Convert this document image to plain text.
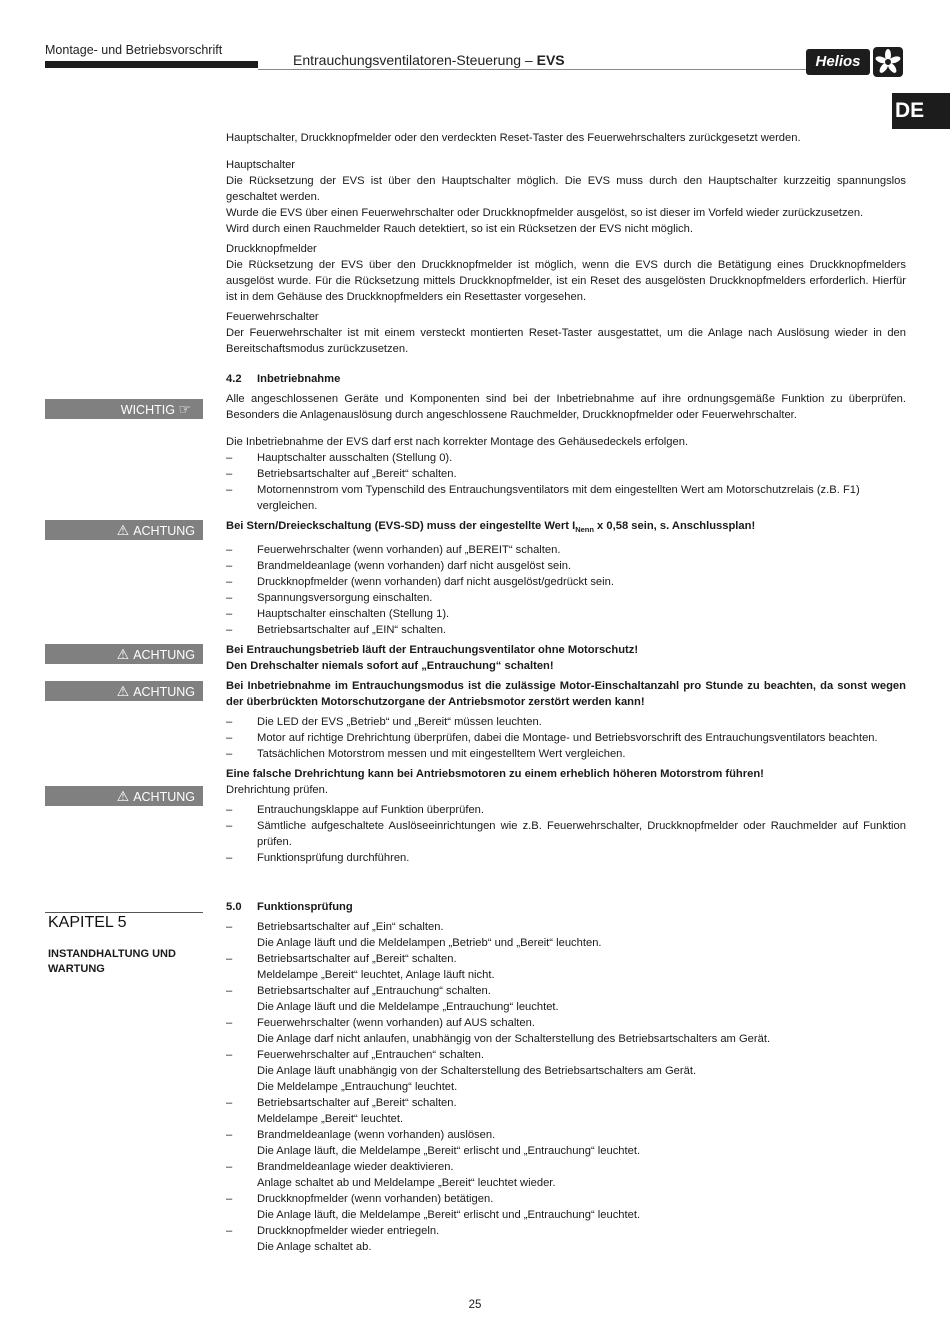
Montage- und Betriebsvorschrift
Entrauchungsventilatoren-Steuerung – EVS	Helios
DE
WICHTIG ☞
⚠ ACHTUNG
⚠ ACHTUNG
⚠ ACHTUNG
⚠ ACHTUNG
KAPITEL 5
INSTANDHALTUNG UND WARTUNG

Hauptschalter, Druckknopfmelder oder den verdeckten Reset-Taster des Feuerwehrschalters zurückgesetzt werden.

Hauptschalter

Die Rücksetzung der EVS ist über den Hauptschalter möglich. Die EVS muss durch den Hauptschalter kurzzeitig spannungslos geschaltet werden.

Wurde die EVS über einen Feuerwehrschalter oder Druckknopfmelder ausgelöst, so ist dieser im Vorfeld wieder zurückzusetzen.

Wird durch einen Rauchmelder Rauch detektiert, so ist ein Rücksetzen der EVS nicht möglich.

Druckknopfmelder

Die Rücksetzung der EVS über den Druckknopfmelder ist möglich, wenn die EVS durch die Betätigung eines Druckknopfmelders ausgelöst wurde. Für die Rücksetzung mittels Druckknopfmelder, ist ein Reset des ausgelösten Druckknopfmelders erforderlich. Hierfür ist in dem Gehäuse des Druckknopfmelders ein Resettaster vorgesehen.

Feuerwehrschalter

Der Feuerwehrschalter ist mit einem versteckt montierten Reset-Taster ausgestattet, um die Anlage nach Auslösung wieder in den Bereitschaftsmodus zurückzusetzen.

4.2 Inbetriebnahme

Alle angeschlossenen Geräte und Komponenten sind bei der Inbetriebnahme auf ihre ordnungsgemäße Funktion zu überprüfen. Besonders die Anlagenauslösung durch angeschlossene Rauchmelder, Druckknopfmelder oder Feuerwehrschalter.

Die Inbetriebnahme der EVS darf erst nach korrekter Montage des Gehäusedeckels erfolgen.

– Hauptschalter ausschalten (Stellung 0).

– Betriebsartschalter auf „Bereit“ schalten.

– Motornennstrom vom Typenschild des Entrauchungsventilators mit dem eingestellten Wert am Motorschutzrelais (z.B. F1) vergleichen.

Bei Stern/Dreieckschaltung (EVS-SD) muss der eingestellte Wert $I_{Nenn}$ x 0,58 sein, s. Anschlussplan!

– Feuerwehrschalter (wenn vorhanden) auf „BEREIT“ schalten.

– Brandmeldeanlage (wenn vorhanden) darf nicht ausgelöst sein.

– Druckknopfmelder (wenn vorhanden) darf nicht ausgelöst/gedrückt sein.

– Spannungsversorgung einschalten.

– Hauptschalter einschalten (Stellung 1).

– Betriebsartschalter auf „EIN“ schalten.

Bei Entrauchungsbetrieb läuft der Entrauchungsventilator ohne Motorschutz!

Den Drehschalter niemals sofort auf „Entrauchung“ schalten!

Bei Inbetriebnahme im Entrauchungsmodus ist die zulässige Motor-Einschaltanzahl pro Stunde zu beachten, da sonst wegen der überbrückten Motorschutzorgane der Antriebsmotor zerstört werden kann!

– Die LED der EVS „Betrieb“ und „Bereit“ müssen leuchten.

– Motor auf richtige Drehrichtung überprüfen, dabei die Montage- und Betriebsvorschrift des Entrauchungsventilators beachten.

– Tatsächlichen Motorstrom messen und mit eingestelltem Wert vergleichen.

Eine falsche Drehrichtung kann bei Antriebsmotoren zu einem erheblich höheren Motorstrom führen!

Drehrichtung prüfen.

– Entrauchungsklappe auf Funktion überprüfen.

– Sämtliche aufgeschaltete Auslöseeinrichtungen wie z.B. Feuerwehrschalter, Druckknopfmelder oder Rauchmelder auf Funktion prüfen.

– Funktionsprüfung durchführen.

5.0 Funktionsprüfung

– Betriebsartschalter auf „Ein“ schalten.

Die Anlage läuft und die Meldelampen „Betrieb“ und „Bereit“ leuchten.

– Betriebsartschalter auf „Bereit“ schalten.

Meldelampe „Bereit“ leuchtet, Anlage läuft nicht.

– Betriebsartschalter auf „Entrauchung“ schalten.

Die Anlage läuft und die Meldelampe „Entrauchung“ leuchtet.

– Feuerwehrschalter (wenn vorhanden) auf AUS schalten.

Die Anlage darf nicht anlaufen, unabhängig von der Schalterstellung des Betriebsartschalters am Gerät.

– Feuerwehrschalter auf „Entrauchen“ schalten.

Die Anlage läuft unabhängig von der Schalterstellung des Betriebsartschalters am Gerät.

Die Meldelampe „Entrauchung“ leuchtet.

– Betriebsartschalter auf „Bereit“ schalten.

Meldelampe „Bereit“ leuchtet.

– Brandmeldeanlage (wenn vorhanden) auslösen.

Die Anlage läuft, die Meldelampe „Bereit“ erlischt und „Entrauchung“ leuchtet.

– Brandmeldeanlage wieder deaktivieren.

Anlage schaltet ab und Meldelampe „Bereit“ leuchtet wieder.

– Druckknopfmelder (wenn vorhanden) betätigen.

Die Anlage läuft, die Meldelampe „Bereit“ erlischt und „Entrauchung“ leuchtet.

– Druckknopfmelder wieder entriegeln.

Die Anlage schaltet ab.

25
